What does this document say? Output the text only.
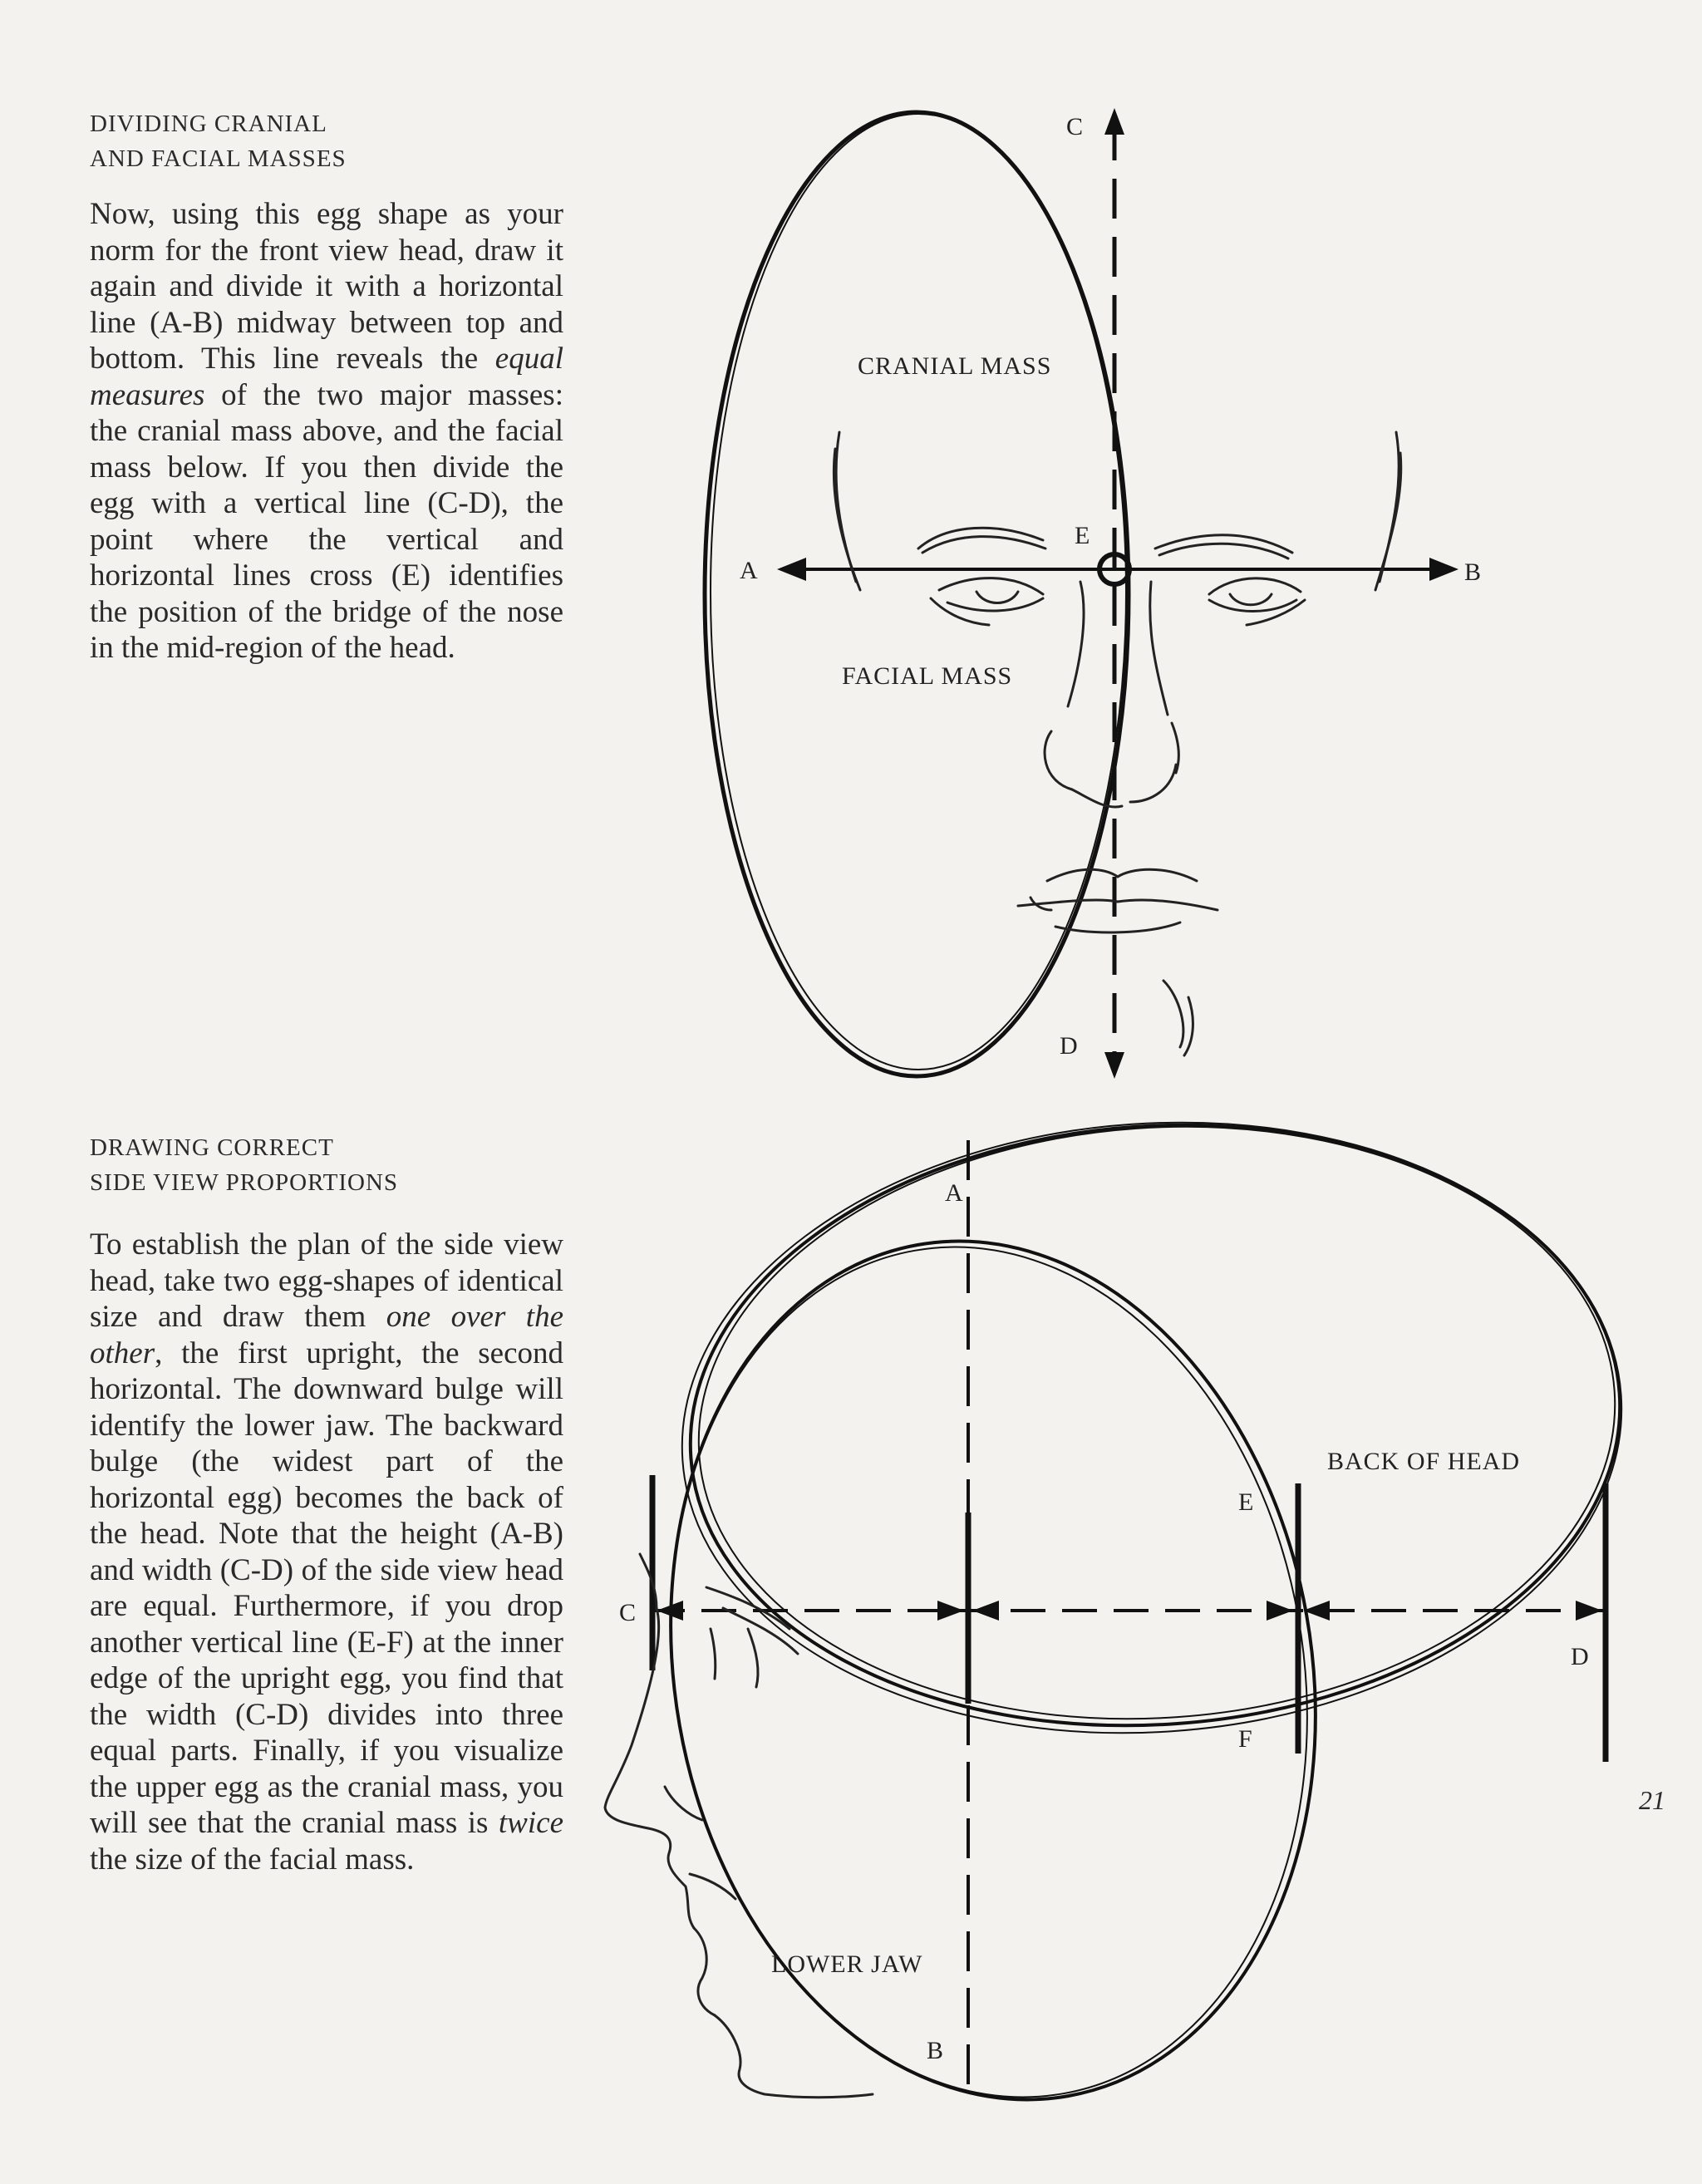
DIVIDING CRANIAL
AND FACIAL MASSES

Now, using this egg shape as your norm for the front view head, draw it again and divide it with a horizontal line (A-B) midway between top and bottom. This line reveals the equal measures of the two major masses: the cranial mass above, and the facial mass below. If you then divide the egg with a vertical line (C-D), the point where the vertical and horizontal lines cross (E) identifies the position of the bridge of the nose in the mid-region of the head.

DRAWING CORRECT
SIDE VIEW PROPORTIONS

To establish the plan of the side view head, take two egg-shapes of identical size and draw them one over the other, the first upright, the second horizontal. The downward bulge will identify the lower jaw. The backward bulge (the widest part of the horizontal egg) becomes the back of the head. Note that the height (A-B) and width (C-D) of the side view head are equal. Furthermore, if you drop another vertical line (E-F) at the inner edge of the upright egg, you find that the width (C-D) divides into three equal parts. Finally, if you visualize the upper egg as the cranial mass, you will see that the cranial mass is twice the size of the facial mass.

C
CRANIAL MASS
E
A	B
FACIAL MASS
D
A
BACK OF HEAD
E
C
D
F
LOWER JAW
B
21
